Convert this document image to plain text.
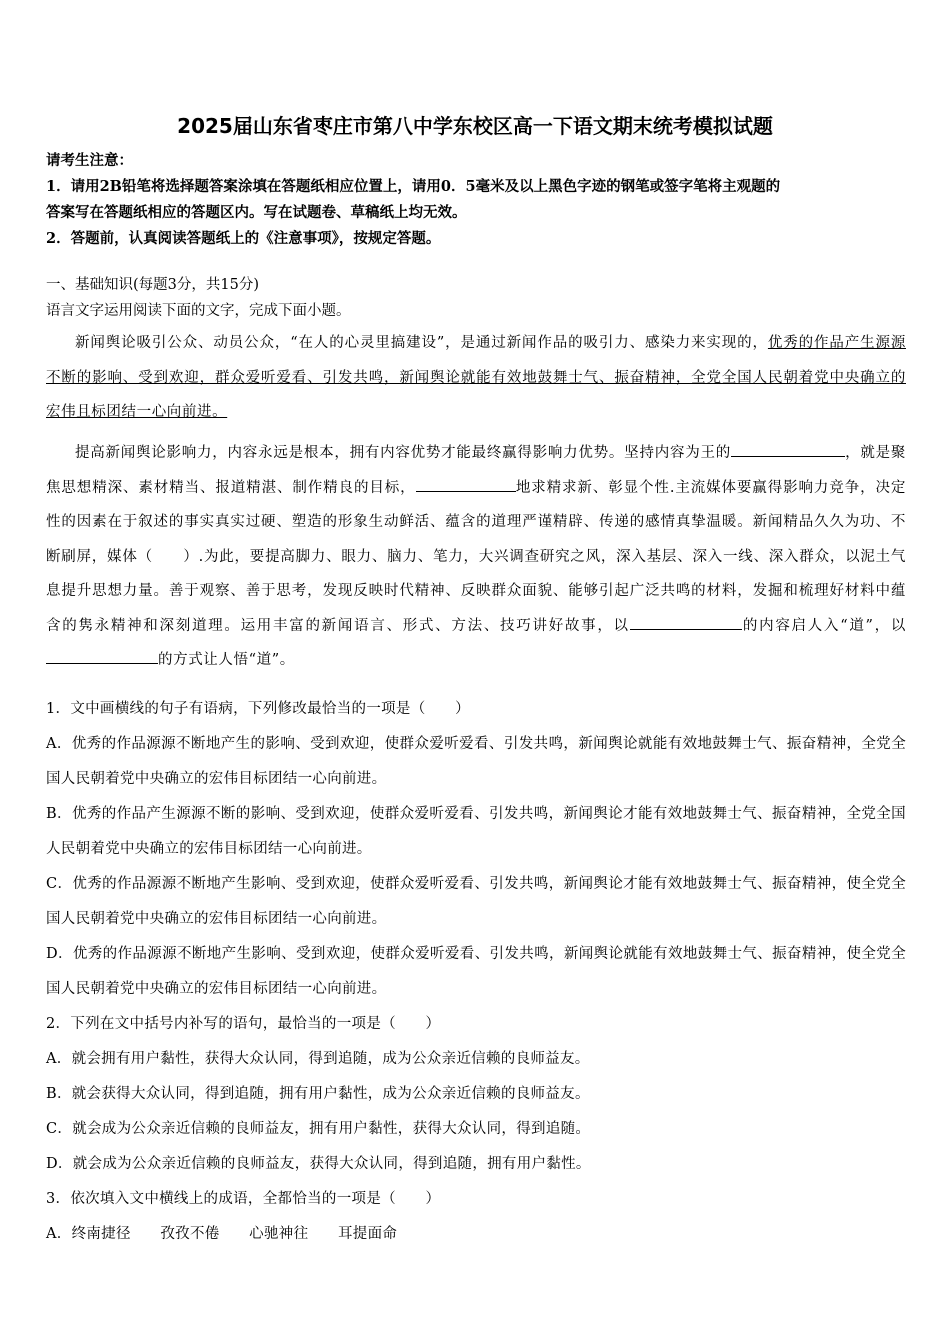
2025届山东省枣庄市第八中学东校区高一下语文期末统考模拟试题
请考生注意：
1．请用2B铅笔将选择题答案涂填在答题纸相应位置上，请用0．5毫米及以上黑色字迹的钢笔或签字笔将主观题的
答案写在答题纸相应的答题区内。写在试题卷、草稿纸上均无效。
2．答题前，认真阅读答题纸上的《注意事项》，按规定答题。
一、基础知识(每题3分，共15分)
语言文字运用阅读下面的文字，完成下面小题。
新闻舆论吸引公众、动员公众，“在人的心灵里搞建设”，是通过新闻作品的吸引力、感染力来实现的，优秀的作品产生源源不断的影响、受到欢迎，群众爱听爱看、引发共鸣，新闻舆论就能有效地鼓舞士气、振奋精神，全党全国人民朝着党中央确立的宏伟且标团结一心向前进。
提高新闻舆论影响力，内容永远是根本，拥有内容优势才能最终赢得影响力优势。坚持内容为王的	，就是聚焦思想精深、素材精当、报道精湛、制作精良的目标，	地求精求新、彰显个性.主流媒体要赢得影响力竞争，决定性的因素在于叙述的事实真实过硬、塑造的形象生动鲜活、蕴含的道理严谨精辟、传递的感情真挚温暖。新闻精品久久为功、不断刷屏，媒体（　　）.为此，要提高脚力、眼力、脑力、笔力，大兴调查研究之风，深入基层、深入一线、深入群众，以泥土气息提升思想力量。善于观察、善于思考，发现反映时代精神、反映群众面貌、能够引起广泛共鸣的材料，发掘和梳理好材料中蕴含的隽永精神和深刻道理。运用丰富的新闻语言、形式、方法、技巧讲好故事，以	的内容启人入“道”，以的方式让人悟“道”。
1．文中画横线的句子有语病，下列修改最恰当的一项是（　　）
A．优秀的作品源源不断地产生的影响、受到欢迎，使群众爱听爱看、引发共鸣，新闻舆论就能有效地鼓舞士气、振奋精神，全党全国人民朝着党中央确立的宏伟目标团结一心向前进。
B．优秀的作品产生源源不断的影响、受到欢迎，使群众爱听爱看、引发共鸣，新闻舆论才能有效地鼓舞士气、振奋精神，全党全国人民朝着党中央确立的宏伟目标团结一心向前进。
C．优秀的作品源源不断地产生影响、受到欢迎，使群众爱听爱看、引发共鸣，新闻舆论才能有效地鼓舞士气、振奋精神，使全党全国人民朝着党中央确立的宏伟目标团结一心向前进。
D．优秀的作品源源不断地产生影响、受到欢迎，使群众爱听爱看、引发共鸣，新闻舆论就能有效地鼓舞士气、振奋精神，使全党全国人民朝着党中央确立的宏伟目标团结一心向前进。
2．下列在文中括号内补写的语句，最恰当的一项是（　　）
A．就会拥有用户黏性，获得大众认同，得到追随，成为公众亲近信赖的良师益友。
B．就会获得大众认同，得到追随，拥有用户黏性，成为公众亲近信赖的良师益友。
C．就会成为公众亲近信赖的良师益友，拥有用户黏性，获得大众认同，得到追随。
D．就会成为公众亲近信赖的良师益友，获得大众认同，得到追随，拥有用户黏性。
3．依次填入文中横线上的成语，全都恰当的一项是（　　）
A．终南捷径　　孜孜不倦　　心驰神往　　耳提面命
